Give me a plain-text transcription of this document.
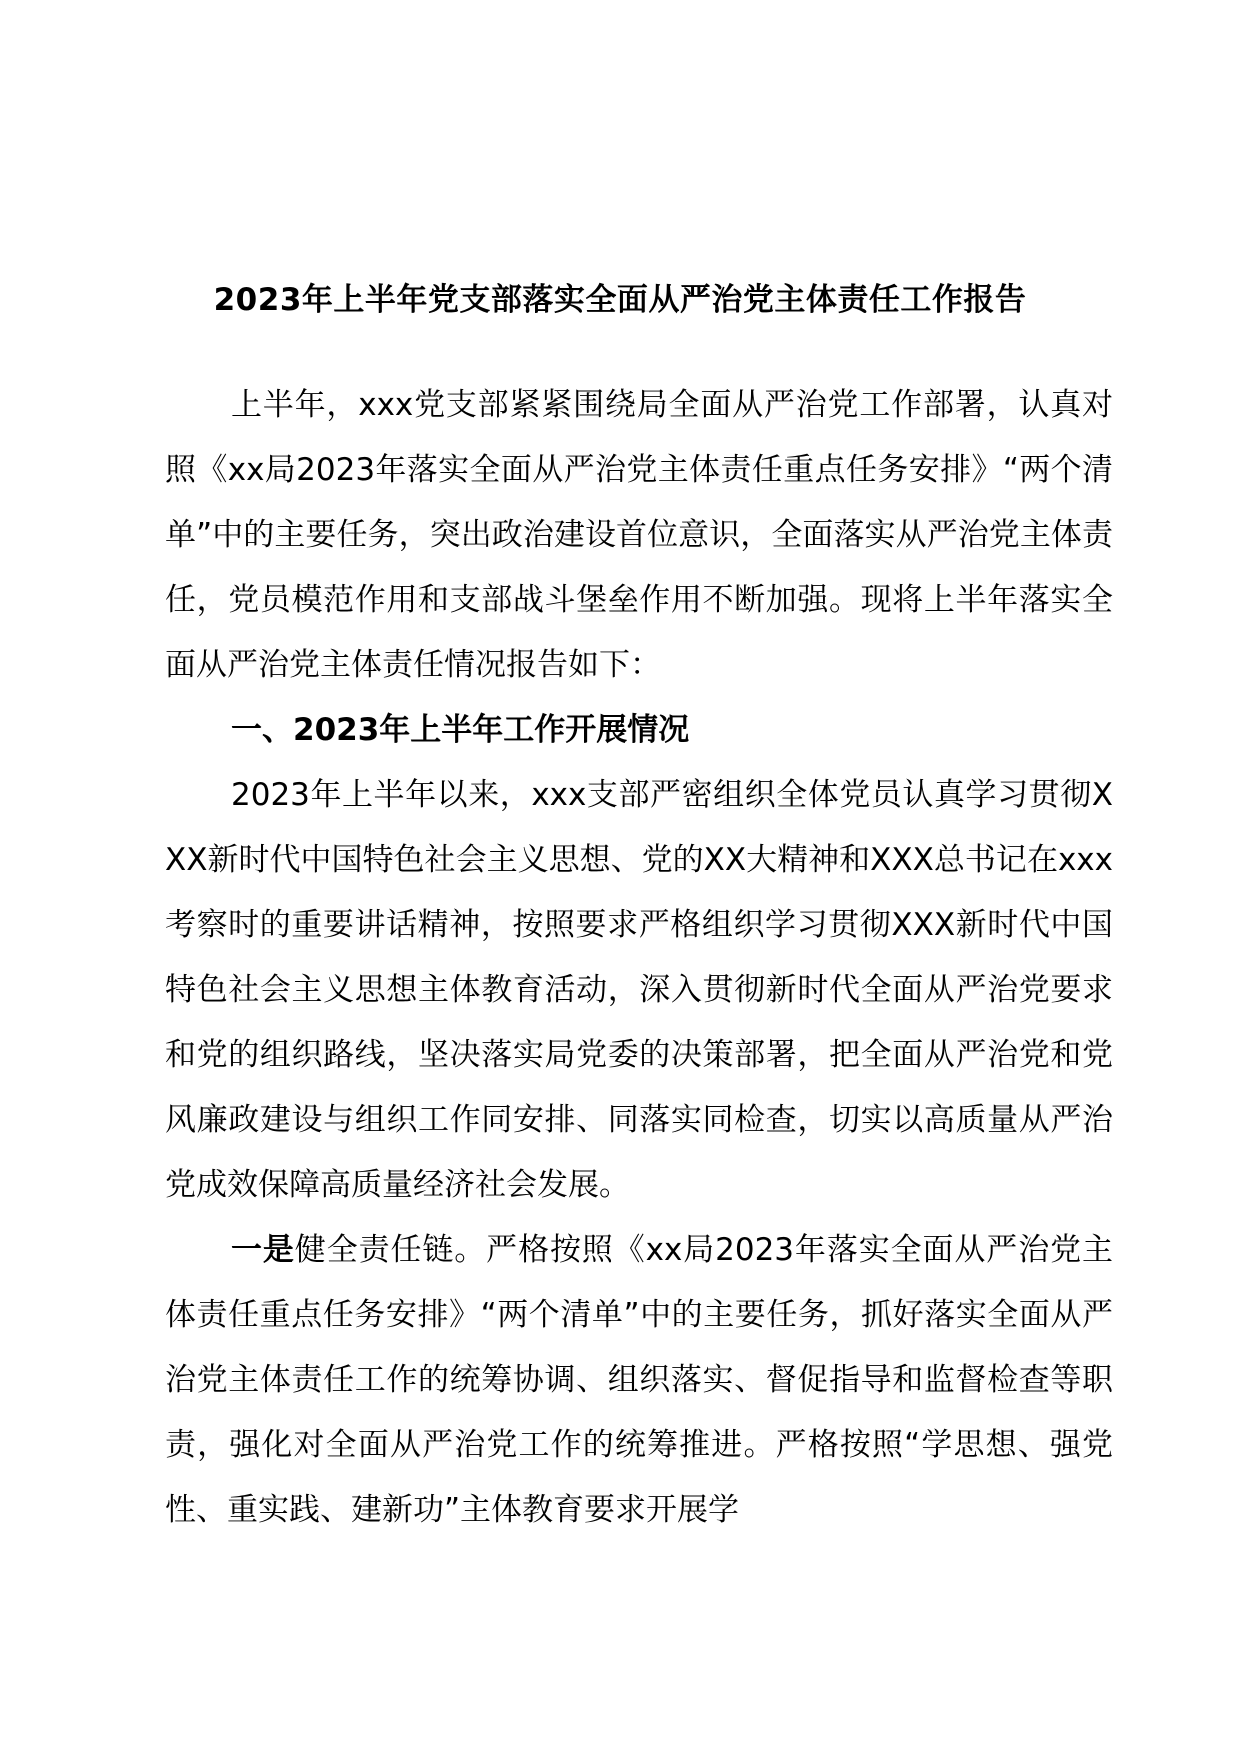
2023年上半年党支部落实全面从严治党主体责任工作报告

上半年，xxx党支部紧紧围绕局全面从严治党工作部署，认真对照《xx局2023年落实全面从严治党主体责任重点任务安排》“两个清单”中的主要任务，突出政治建设首位意识，全面落实从严治党主体责任，党员模范作用和支部战斗堡垒作用不断加强。现将上半年落实全面从严治党主体责任情况报告如下：

一、2023年上半年工作开展情况

2023年上半年以来，xxx支部严密组织全体党员认真学习贯彻XXX新时代中国特色社会主义思想、党的XX大精神和XXX总书记在xxx考察时的重要讲话精神，按照要求严格组织学习贯彻XXX新时代中国特色社会主义思想主体教育活动，深入贯彻新时代全面从严治党要求和党的组织路线，坚决落实局党委的决策部署，把全面从严治党和党风廉政建设与组织工作同安排、同落实同检查，切实以高质量从严治党成效保障高质量经济社会发展。

一是健全责任链。严格按照《xx局2023年落实全面从严治党主体责任重点任务安排》“两个清单”中的主要任务，抓好落实全面从严治党主体责任工作的统筹协调、组织落实、督促指导和监督检查等职责，强化对全面从严治党工作的统筹推进。严格按照“学思想、强党性、重实践、建新功”主体教育要求开展学
